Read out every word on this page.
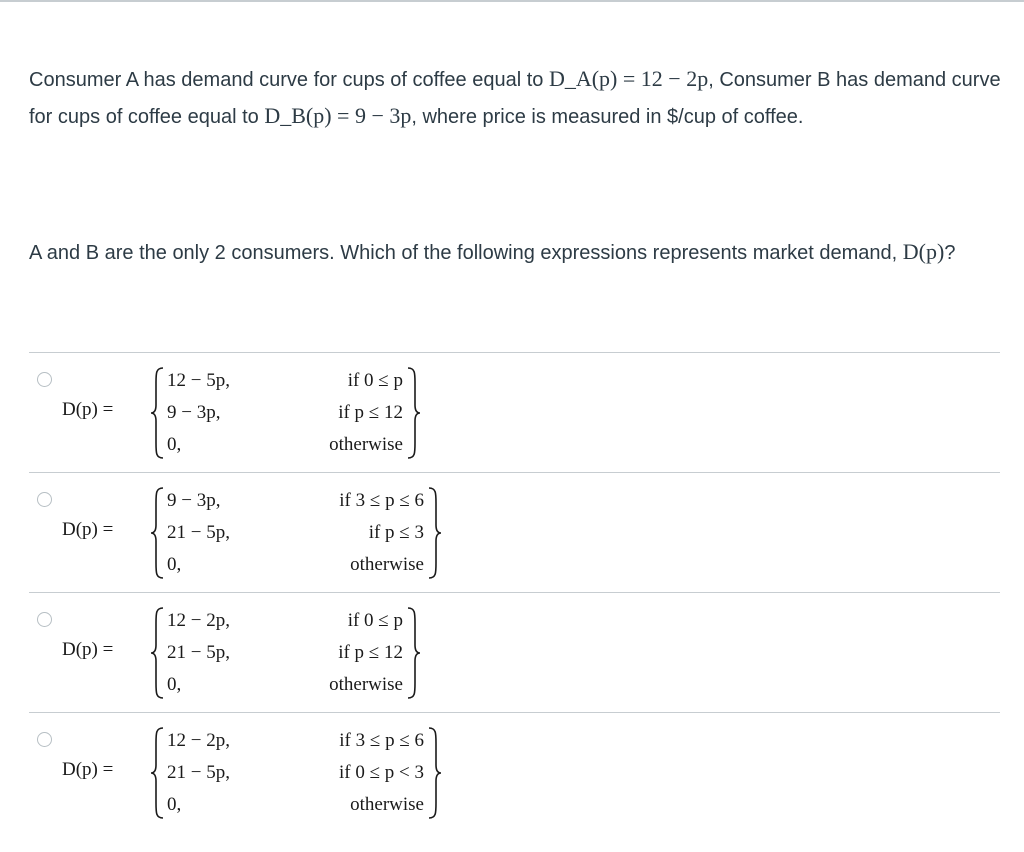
Consumer A has demand curve for cups of coffee equal to D_A(p) = 12 − 2p, Consumer B has demand curve for cups of coffee equal to D_B(p) = 9 − 3p, where price is measured in $/cup of coffee.
A and B are the only 2 consumers. Which of the following expressions represents market demand, D(p)?
D(p) =
12 − 5p,
9 − 3p,
0,
if 0 ≤ p
if p ≤ 12
otherwise
D(p) =
9 − 3p,
21 − 5p,
0,
if 3 ≤ p ≤ 6
if p ≤ 3
otherwise
D(p) =
12 − 2p,
21 − 5p,
0,
if 0 ≤ p
if p ≤ 12
otherwise
D(p) =
12 − 2p,
21 − 5p,
0,
if 3 ≤ p ≤ 6
if 0 ≤ p < 3
otherwise
